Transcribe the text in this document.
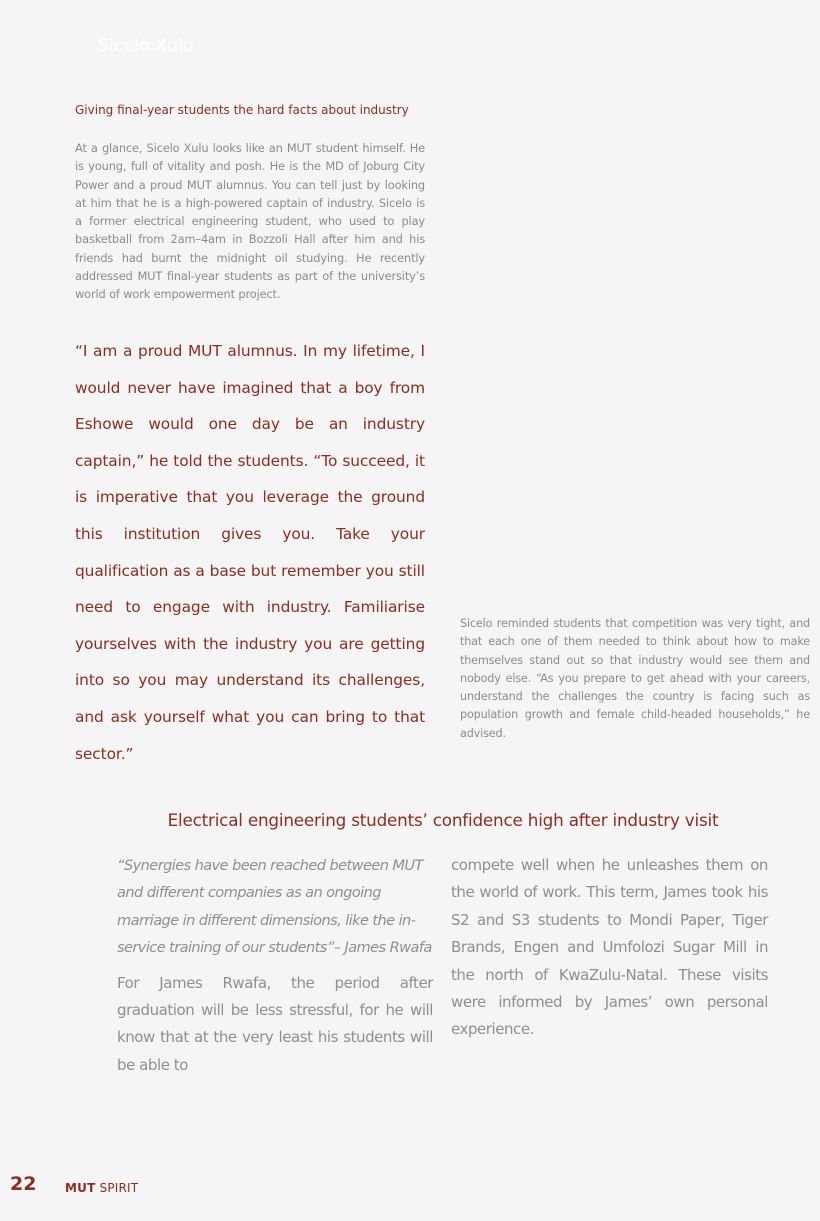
Sicelo Xulu
Giving final-year students the hard facts about industry

At a glance, Sicelo Xulu looks like an MUT student himself. He is young, full of vitality and posh. He is the MD of Joburg City Power and a proud MUT alumnus. You can tell just by looking at him that he is a high-powered captain of industry. Sicelo is a former electrical engineering student, who used to play basketball from 2am–4am in Bozzoli Hall after him and his friends had burnt the midnight oil studying. He recently addressed MUT final-year students as part of the university’s world of work empowerment project.

“I am a proud MUT alumnus. In my lifetime, I would never have imagined that a boy from Eshowe would one day be an industry captain,” he told the students. “To succeed, it is imperative that you leverage the ground this institution gives you. Take your qualification as a base but remember you still need to engage with industry. Familiarise yourselves with the industry you are getting into so you may understand its challenges, and ask yourself what you can bring to that sector.”

Sicelo reminded students that competition was very tight, and that each one of them needed to think about how to make themselves stand out so that industry would see them and nobody else. “As you prepare to get ahead with your careers, understand the challenges the country is facing such as population growth and female child-headed households,” he advised.

Electrical engineering students’ confidence high after industry visit

“Synergies have been reached between MUT and different companies as an ongoing marriage in different dimensions, like the in-service training of our students”– James Rwafa

For James Rwafa, the period after graduation will be less stressful, for he will know that at the very least his students will be able to

compete well when he unleashes them on the world of work. This term, James took his S2 and S3 students to Mondi Paper, Tiger Brands, Engen and Umfolozi Sugar Mill in the north of KwaZulu-Natal. These visits were informed by James’ own personal experience.

22 MUT SPIRIT
